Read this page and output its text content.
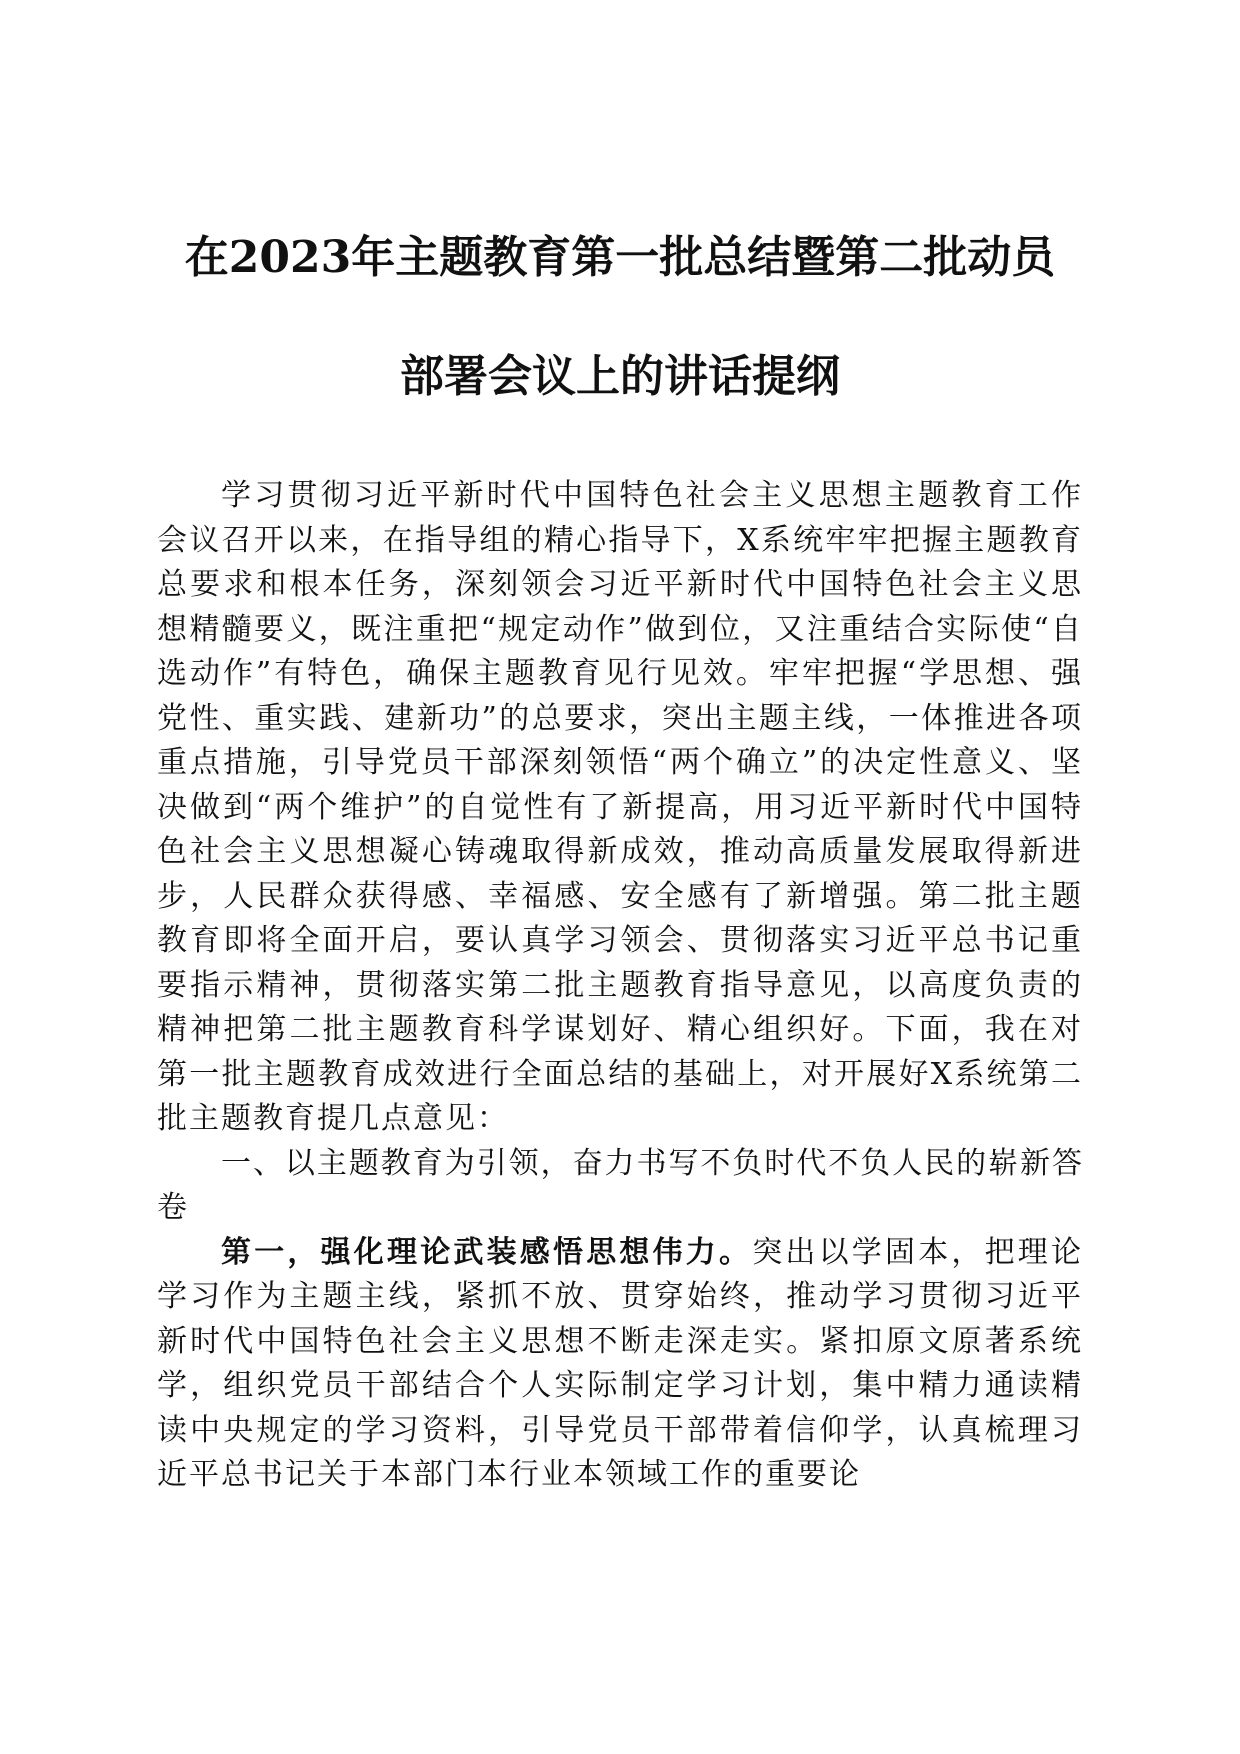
在2023年主题教育第一批总结暨第二批动员
部署会议上的讲话提纲

学习贯彻习近平新时代中国特色社会主义思想主题教育工作会议召开以来，在指导组的精心指导下，X系统牢牢把握主题教育总要求和根本任务，深刻领会习近平新时代中国特色社会主义思想精髓要义，既注重把“规定动作”做到位，又注重结合实际使“自选动作”有特色，确保主题教育见行见效。牢牢把握“学思想、强党性、重实践、建新功”的总要求，突出主题主线，一体推进各项重点措施，引导党员干部深刻领悟“两个确立”的决定性意义、坚决做到“两个维护”的自觉性有了新提高，用习近平新时代中国特色社会主义思想凝心铸魂取得新成效，推动高质量发展取得新进步，人民群众获得感、幸福感、安全感有了新增强。第二批主题教育即将全面开启，要认真学习领会、贯彻落实习近平总书记重要指示精神，贯彻落实第二批主题教育指导意见，以高度负责的精神把第二批主题教育科学谋划好、精心组织好。下面，我在对第一批主题教育成效进行全面总结的基础上，对开展好X系统第二批主题教育提几点意见：

一、以主题教育为引领，奋力书写不负时代不负人民的崭新答卷

第一，强化理论武装感悟思想伟力。突出以学固本，把理论学习作为主题主线，紧抓不放、贯穿始终，推动学习贯彻习近平新时代中国特色社会主义思想不断走深走实。紧扣原文原著系统学，组织党员干部结合个人实际制定学习计划，集中精力通读精读中央规定的学习资料，引导党员干部带着信仰学，认真梳理习近平总书记关于本部门本行业本领域工作的重要论
